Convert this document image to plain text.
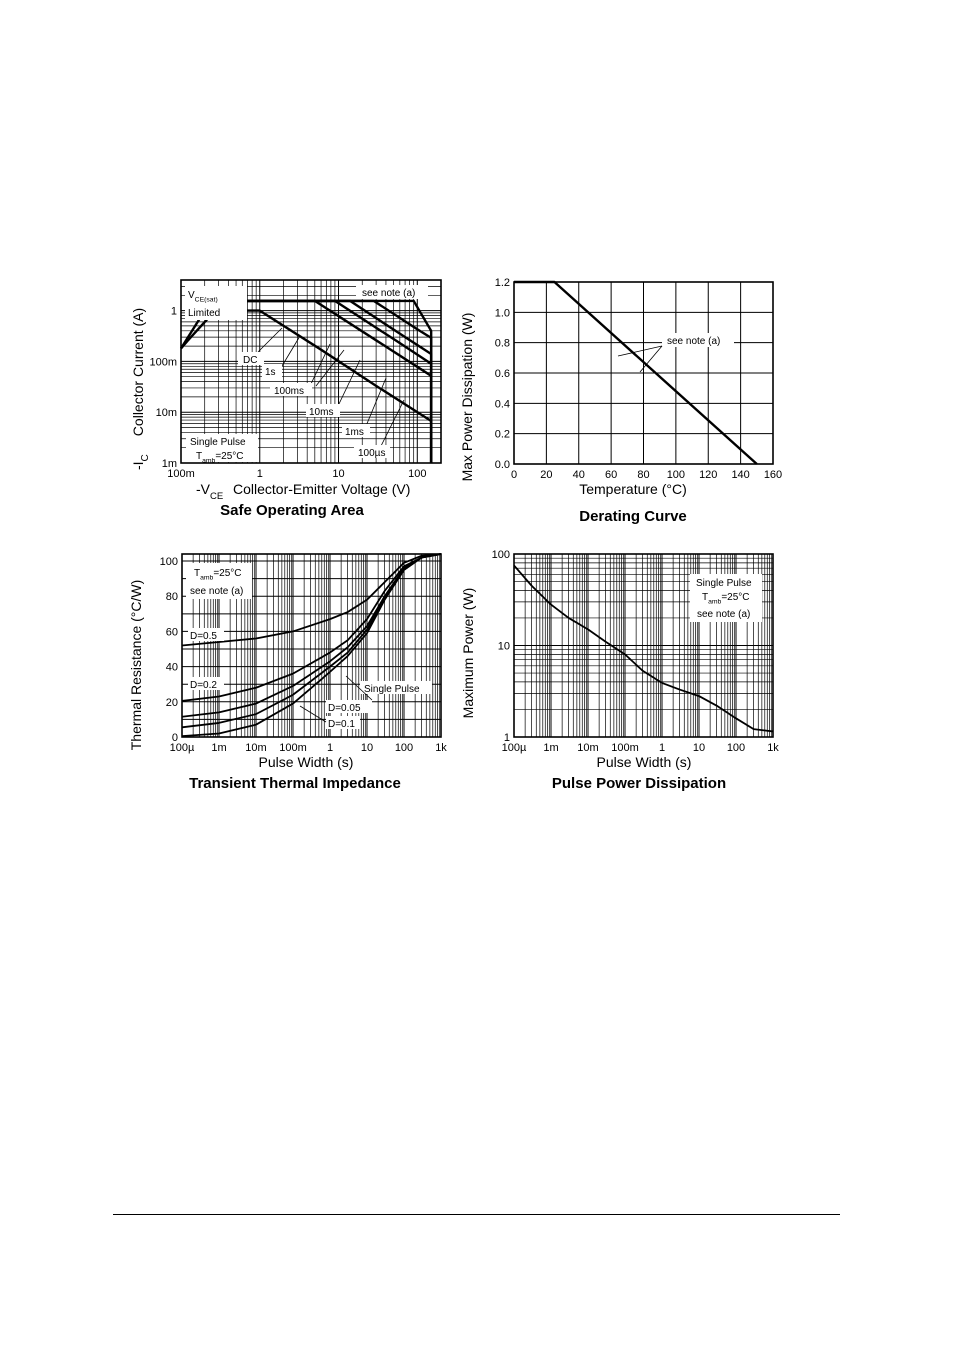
100m	1	10	100
1m
10m
100m
1
$V_{CE(sat)}$
Limited
see note (a)
DC
1s
100ms
10ms
1ms
100µs
Single Pulse
$T_{amb}=25^\circ C$
$-V_{CE}$ Collector-Emitter Voltage (V)
Collector Current (A)
$-I_C$
Safe Operating Area
0 20 40 60 80 100 120 140 160
0.0
0.2
0.4
0.6
0.8
1.0
1.2
see note (a)
Temperature (°C)
Max Power Dissipation (W)
Derating Curve
100µ 1m 10m 100m 1	10 100 1k
0
20
40
60
80
100
$T_{amb}=25^\circ C$
see note (a)
D=0.5
D=0.2	Single Pulse
D=0.05
D=0.1
Pulse Width (s)
Thermal Resistance (°C/W)
Transient Thermal Impedance
100µ 1m 10m 100m 1	10 100 1k
1
10
100
Single Pulse
$T_{amb}=25^\circ C$
see note (a)
Pulse Width (s)
Maximum Power (W)
Pulse Power Dissipation
